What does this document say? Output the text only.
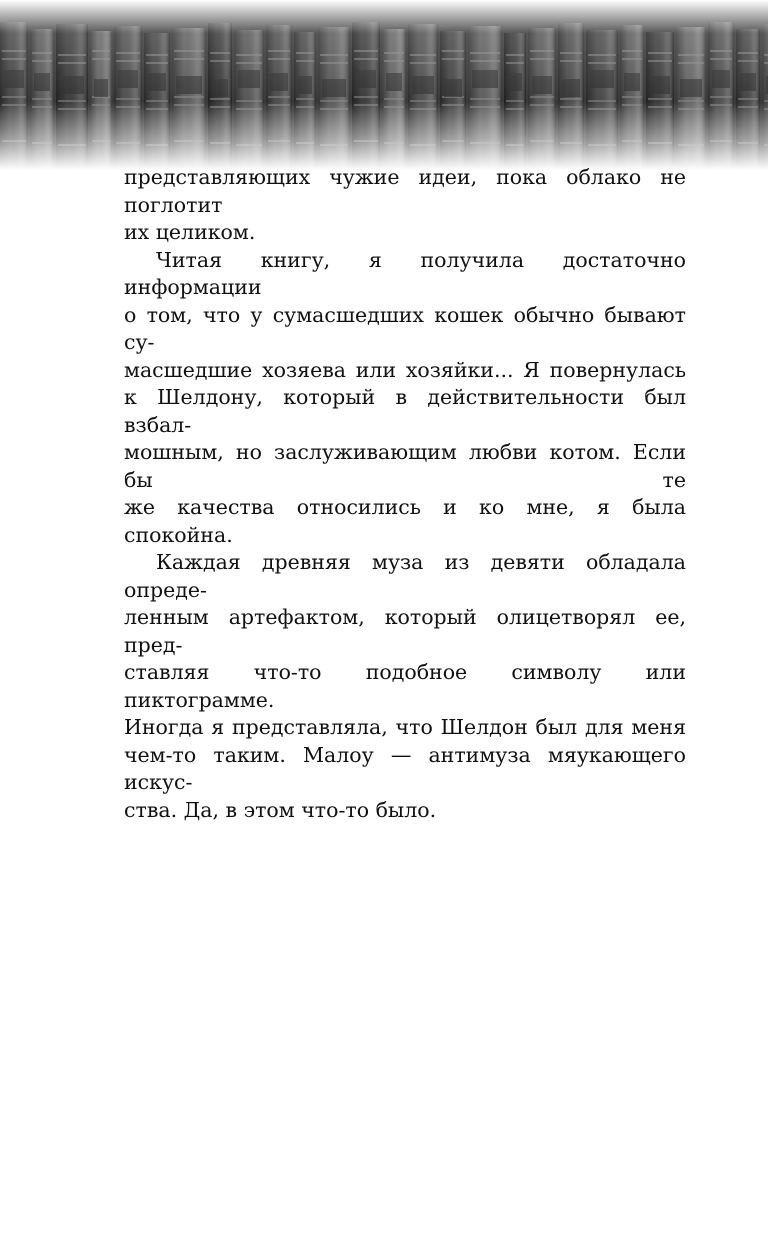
представляющих чужие идеи, пока облако не поглотит
их целиком.

Читая книгу, я получила достаточно информации
о том, что у сумасшедших кошек обычно бывают су-
масшедшие хозяева или хозяйки... Я повернулась
к Шелдону, который в действительности был взбал-
мошным, но заслуживающим любви котом. Если бы те
же качества относились и ко мне, я была спокойна.

Каждая древняя муза из девяти обладала опреде-
ленным артефактом, который олицетворял ее, пред-
ставляя что-то подобное символу или пиктограмме.
Иногда я представляла, что Шелдон был для меня
чем-то таким. Малоу — антимуза мяукающего искус-
ства. Да, в этом что-то было.
